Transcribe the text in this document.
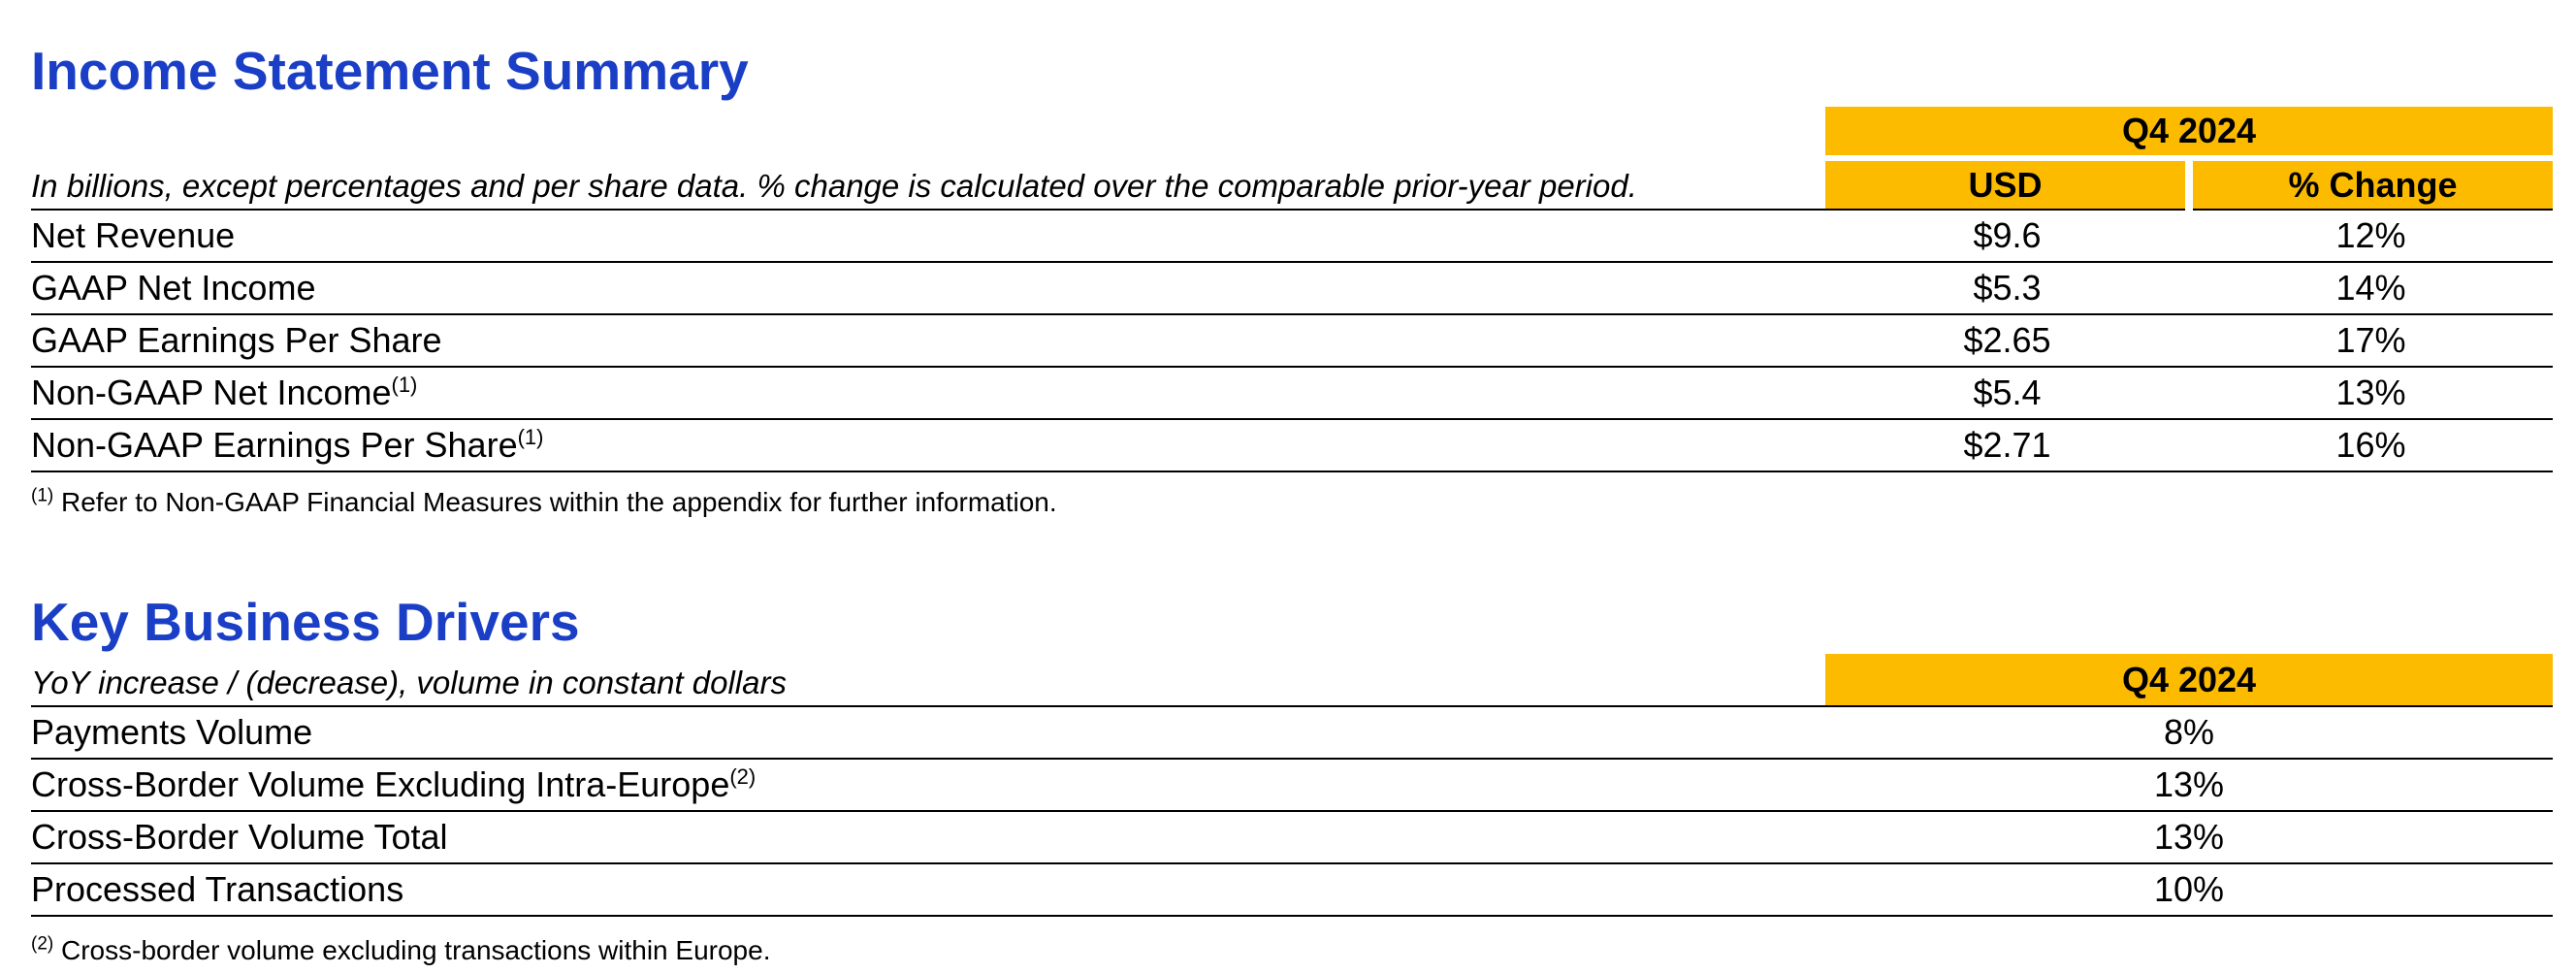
Income Statement Summary
	Q4 2024	

In billions, except percentages and per share data. % change is calculated over the comparable prior-year period.	USD	% Change
Net Revenue	$9.6	12%
GAAP Net Income	$5.3	14%
GAAP Earnings Per Share	$2.65	17%
Non-GAAP Net Income$^{(1)}$	$5.4	13%
Non-GAAP Earnings Per Share$^{(1)}$	$2.71	16%
$^{(1)}$ Refer to Non-GAAP Financial Measures within the appendix for further information.
Key Business Drivers
YoY increase / (decrease), volume in constant dollars	Q4 2024
Payments Volume	8%
Cross-Border Volume Excluding Intra-Europe$^{(2)}$	13%
Cross-Border Volume Total	13%
Processed Transactions	10%
$^{(2)}$ Cross-border volume excluding transactions within Europe.
